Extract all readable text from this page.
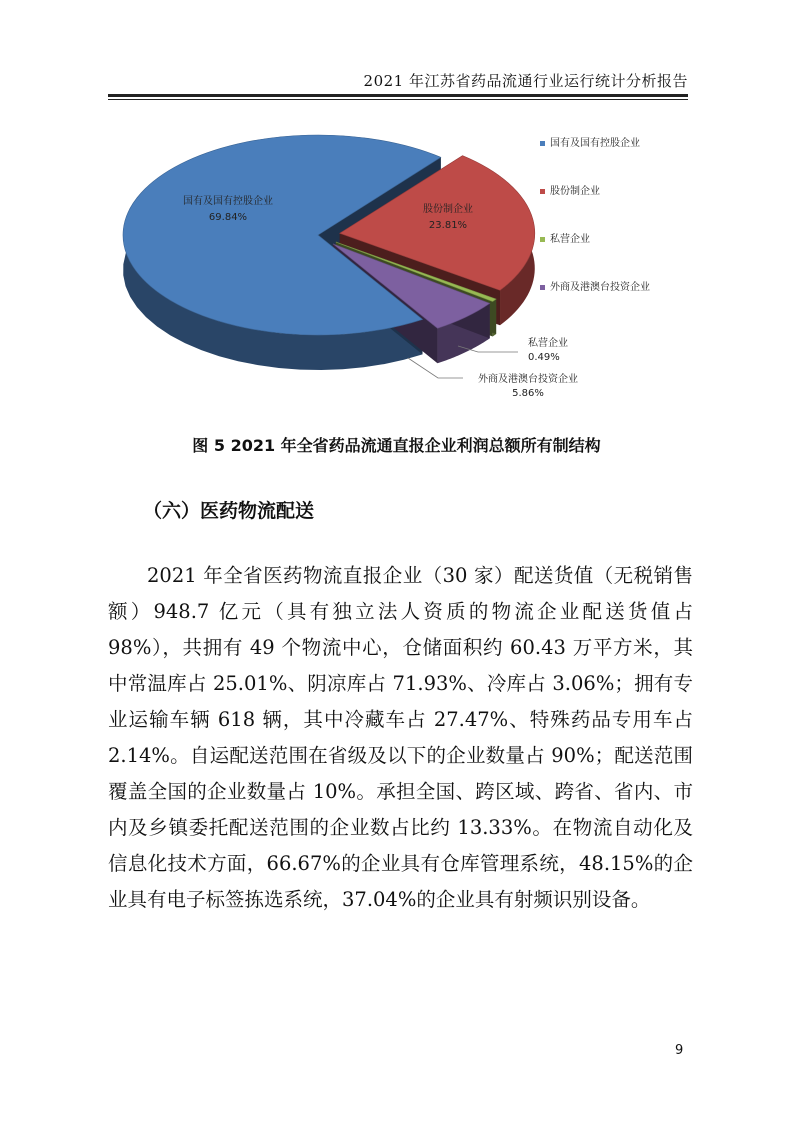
2021 年江苏省药品流通行业运行统计分析报告
国有及国有控股企业
69.84%
股份制企业
23.81%
私营企业
0.49%
外商及港澳台投资企业
5.86%
国有及国有控股企业
股份制企业
私营企业
外商及港澳台投资企业
图 5 2021 年全省药品流通直报企业利润总额所有制结构
（六）医药物流配送

2021 年全省医药物流直报企业（30 家）配送货值（无税销售额）948.7 亿元（具有独立法人资质的物流企业配送货值占 98%），共拥有 49 个物流中心，仓储面积约 60.43 万平方米，其中常温库占 25.01%、阴凉库占 71.93%、冷库占 3.06%；拥有专业运输车辆 618 辆，其中冷藏车占 27.47%、特殊药品专用车占 2.14%。自运配送范围在省级及以下的企业数量占 90%；配送范围覆盖全国的企业数量占 10%。承担全国、跨区域、跨省、省内、市内及乡镇委托配送范围的企业数占比约 13.33%。在物流自动化及信息化技术方面，66.67%的企业具有仓库管理系统，48.15%的企业具有电子标签拣选系统，37.04%的企业具有射频识别设备。

9
